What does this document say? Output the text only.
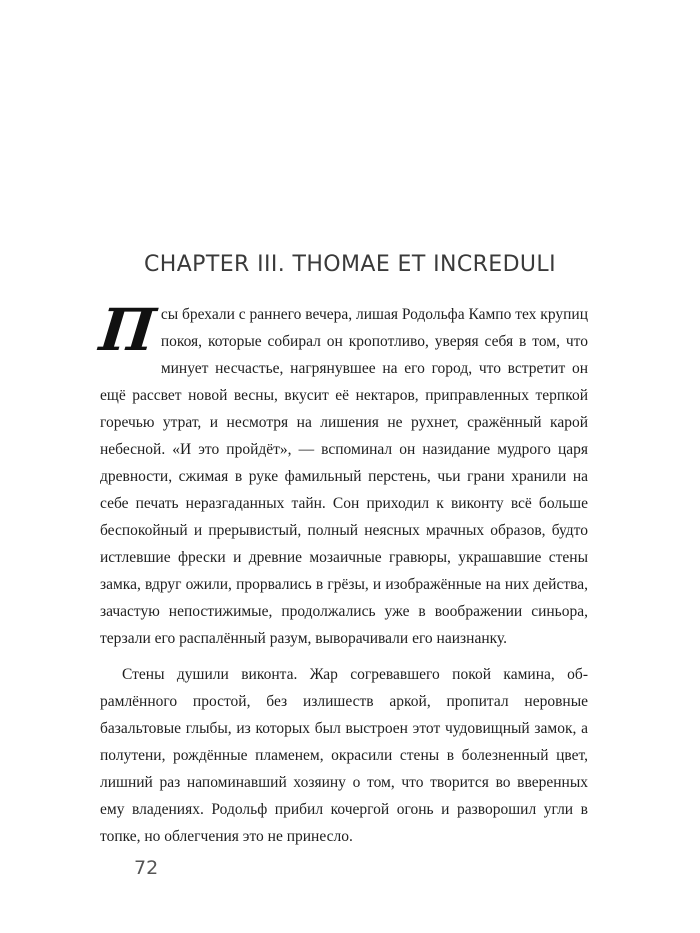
CHAPTER III. THOMAE ET INCREDULI

Псы брехали с раннего вечера, лишая Родольфа Кампо тех крупиц покоя, которые собирал он кропотливо, уверяя себя в том, что минует несчастье, нагрянувшее на его город, что встретит он ещё рассвет новой весны, вкусит её нектаров, приправленных терпкой горечью утрат, и несмотря на лишения не рухнет, сражённый карой небесной. «И это пройдёт», — вспоминал он назидание мудрого царя древности, сжимая в руке фамильный перстень, чьи грани хранили на себе печать неразгаданных тайн. Сон приходил к виконту всё больше беспокойный и прерывистый, полный неясных мрачных образов, будто истлевшие фрески и древние мозаичные гравюры, украшавшие стены замка, вдруг ожили, прорвались в грёзы, и изображённые на них действа, зачастую непостижимые, продолжались уже в воображении синьора, терзали его распалённый разум, выворачивали его наизнанку.

Стены душили виконта. Жар согревавшего покой камина, обрамлённого простой, без излишеств аркой, пропитал неровные базальтовые глыбы, из которых был выстроен этот чудовищный замок, а полутени, рождённые пламенем, окрасили стены в болезненный цвет, лишний раз напоминавший хозяину о том, что творится во вверенных ему владениях. Родольф прибил кочергой огонь и разворошил угли в топке, но облегчения это не принесло.

72
